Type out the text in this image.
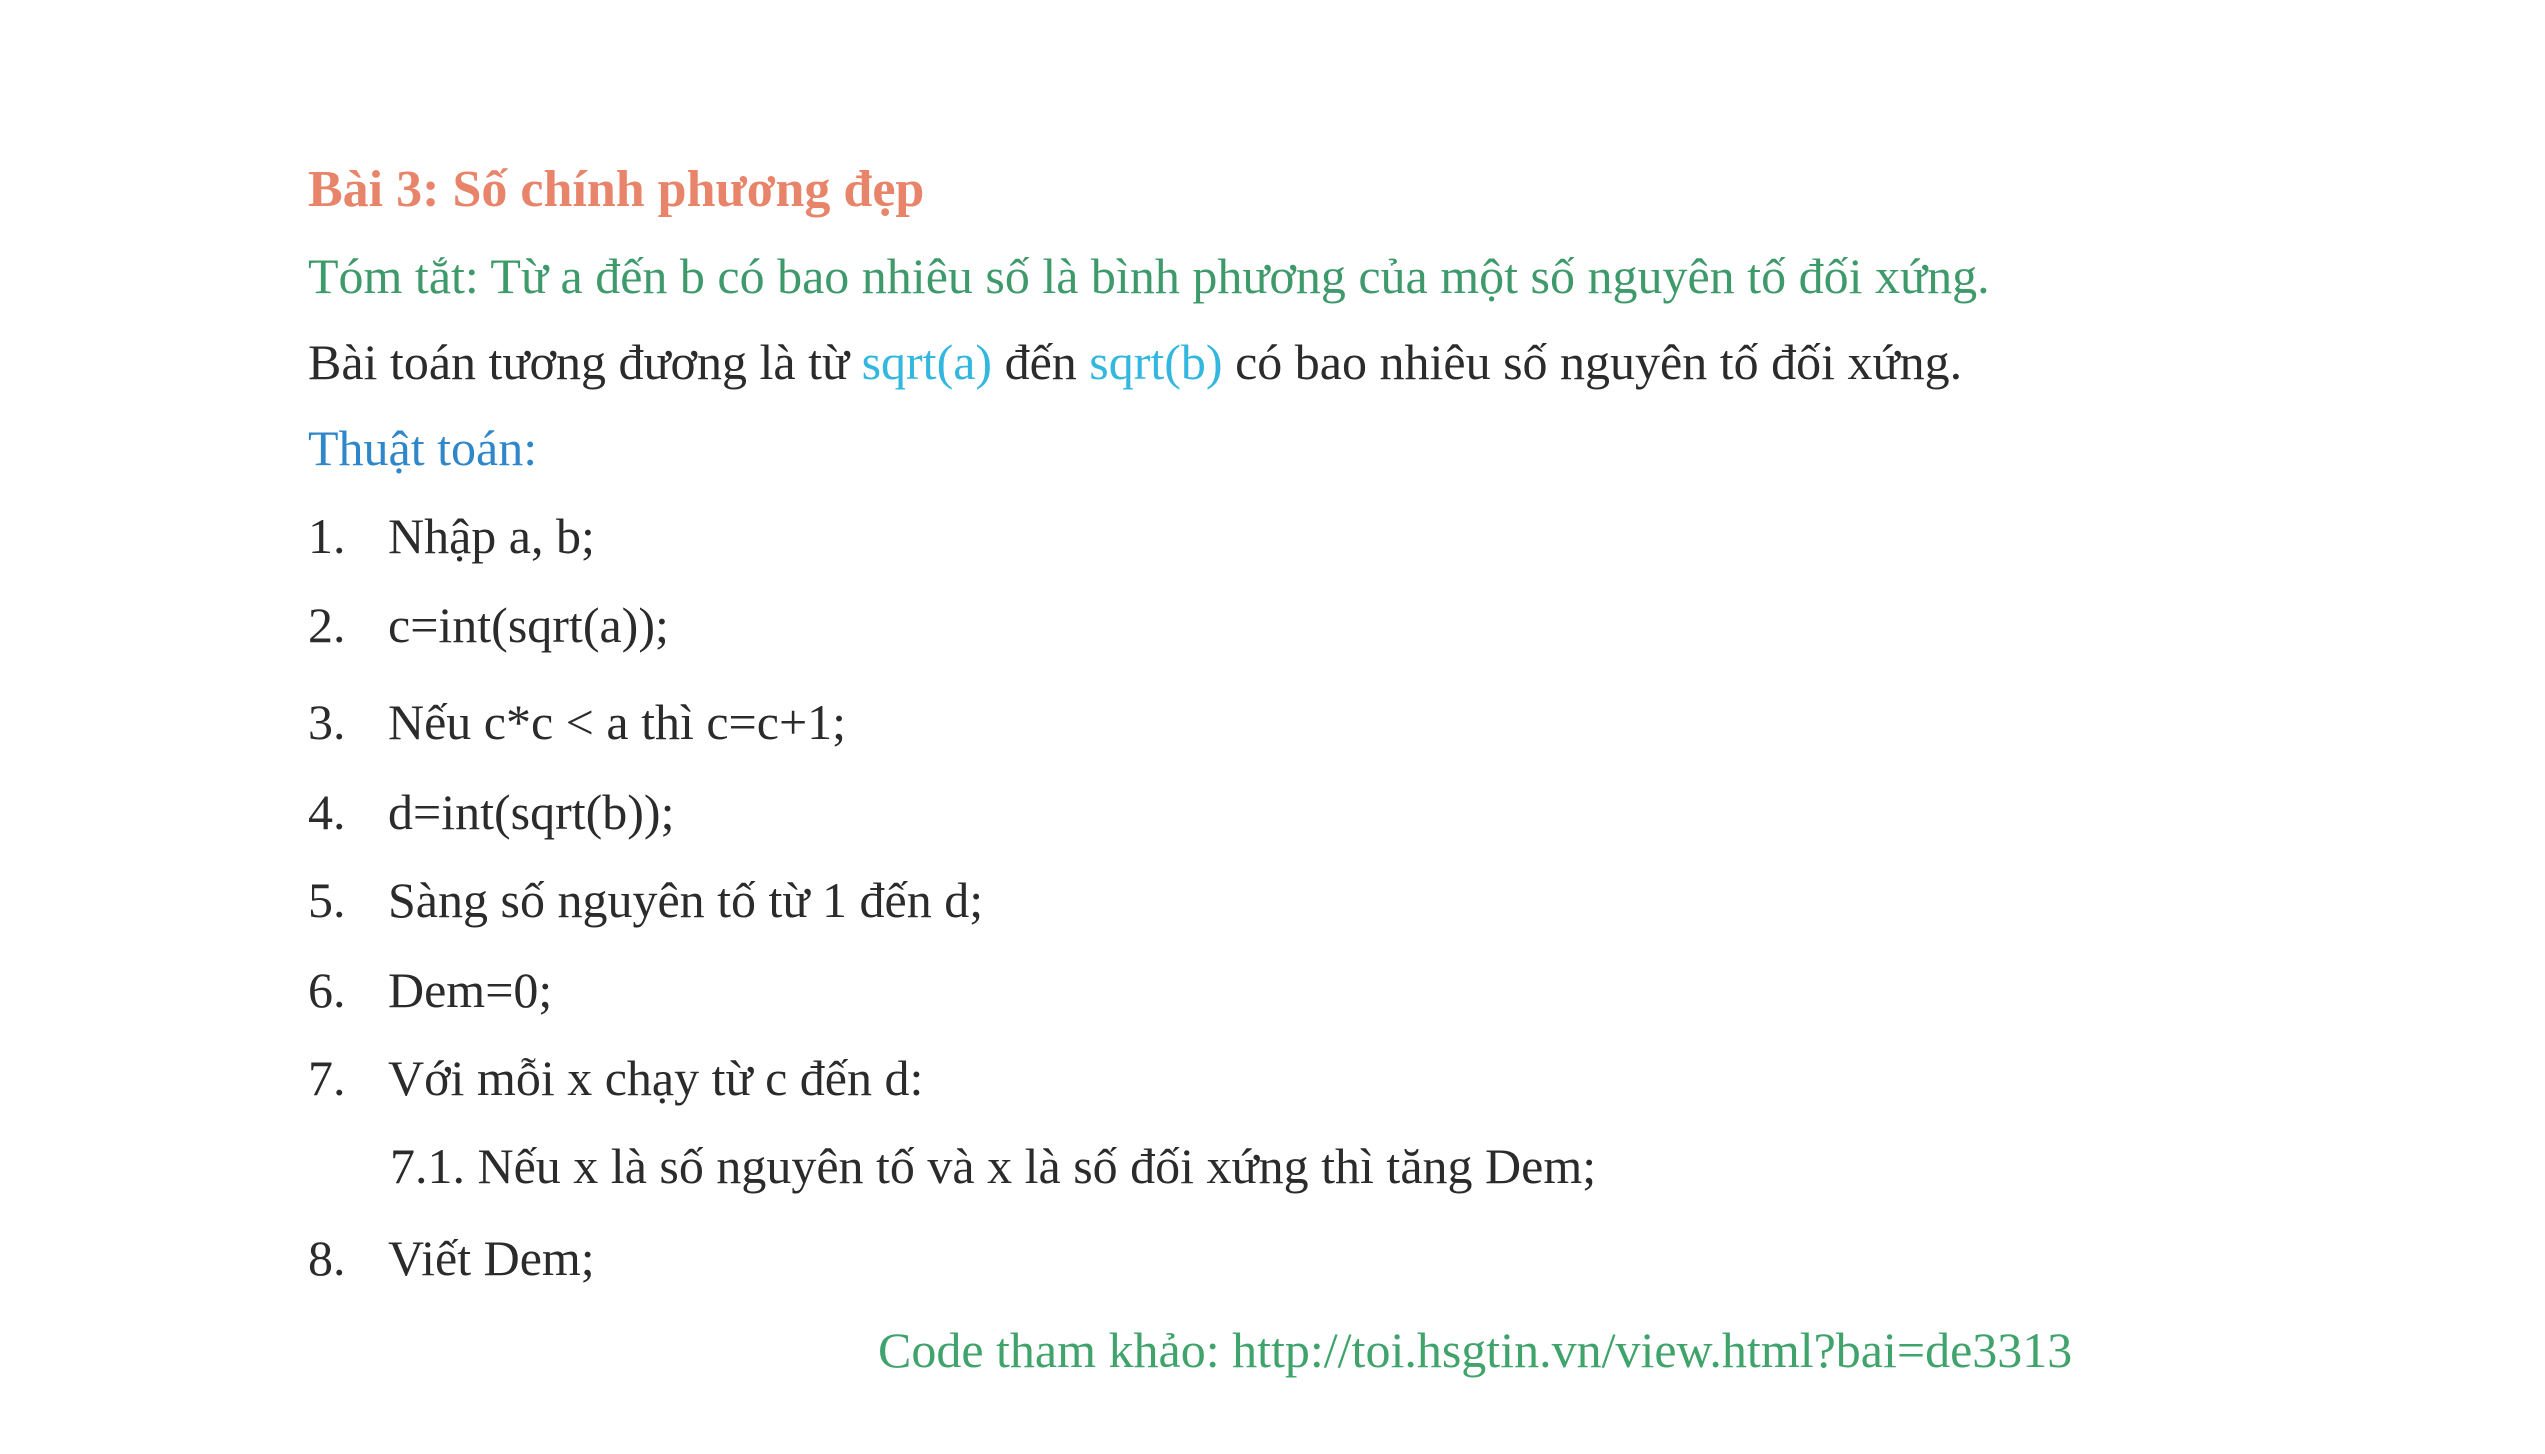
Bài 3: Số chính phương đẹp
Tóm tắt: Từ a đến b có bao nhiêu số là bình phương của một số nguyên tố đối xứng.
Bài toán tương đương là từ sqrt(a) đến sqrt(b) có bao nhiêu số nguyên tố đối xứng.
Thuật toán:
1. Nhập a, b;
2. c=int(sqrt(a));
3. Nếu c*c < a thì c=c+1;
4. d=int(sqrt(b));
5. Sàng số nguyên tố từ 1 đến d;
6. Dem=0;
7. Với mỗi x chạy từ c đến d:
7.1. Nếu x là số nguyên tố và x là số đối xứng thì tăng Dem;
8. Viết Dem;
Code tham khảo: http://toi.hsgtin.vn/view.html?bai=de3313
